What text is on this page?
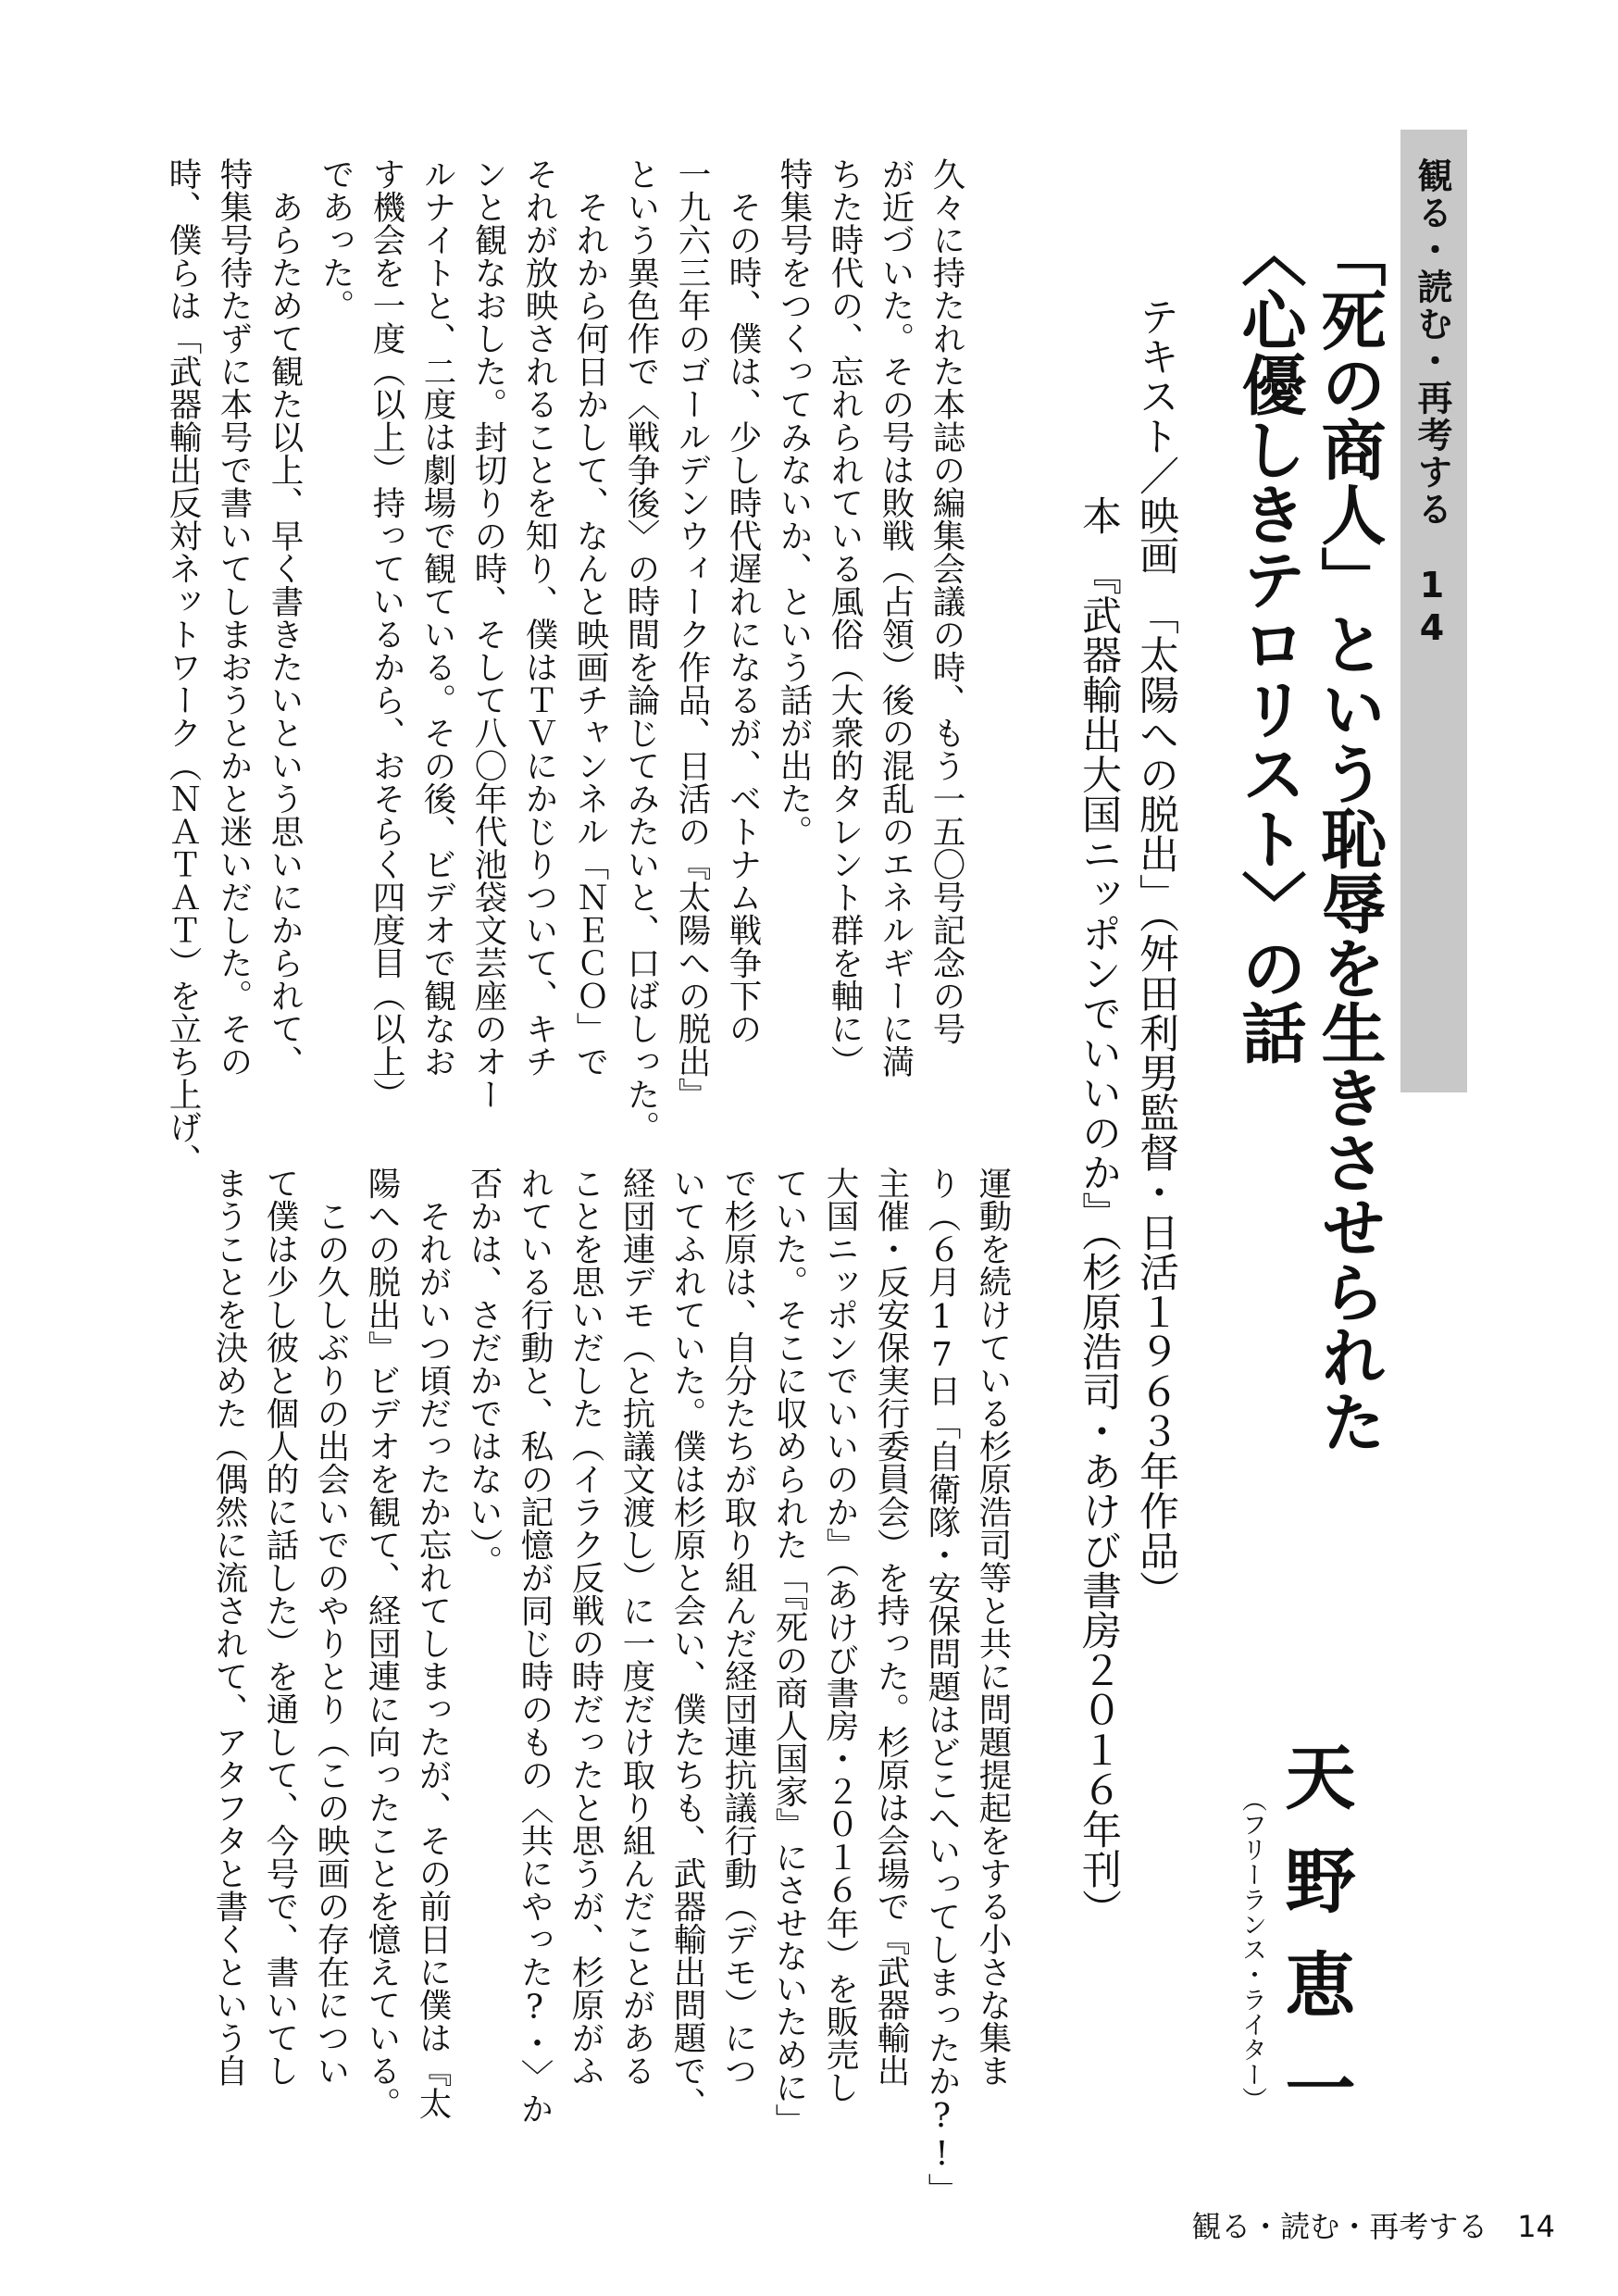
観る・読む・再考する　14
「死の商人」という恥辱を生きさせられた
〈心優しきテロリスト〉の話
テキスト／映画　「太陽への脱出」（舛田利男監督・日活１９６３年作品）
　　　　　本　『武器輸出大国ニッポンでいいのか』（杉原浩司・あけび書房２０１６年刊）
天野恵一
（フリーランス・ライター）
久々に持たれた本誌の編集会議の時、もう一五〇号記念の号
が近づいた。その号は敗戦（占領）後の混乱のエネルギーに満
ちた時代の、忘れられている風俗（大衆的タレント群を軸に）
特集号をつくってみないか、という話が出た。
　その時、僕は、少し時代遅れになるが、ベトナム戦争下の
一九六三年のゴールデンウィーク作品、日活の『太陽への脱出』
という異色作で〈戦争後〉の時間を論じてみたいと、口ばしった。
　それから何日かして、なんと映画チャンネル「ＮＥＣＯ」で
それが放映されることを知り、僕はＴＶにかじりついて、キチ
ンと観なおした。封切りの時、そして八〇年代池袋文芸座のオー
ルナイトと、二度は劇場で観ている。その後、ビデオで観なお
す機会を一度（以上）持っているから、おそらく四度目（以上）
であった。
　あらためて観た以上、早く書きたいという思いにかられて、
特集号待たずに本号で書いてしまおうとかと迷いだした。その
時、僕らは「武器輸出反対ネットワーク（ＮＡＴＡＴ）を立ち上げ、
運動を続けている杉原浩司等と共に問題提起をする小さな集ま
り（６月17日「自衛隊・安保問題はどこへいってしまったか?!」
主催・反安保実行委員会）を持った。杉原は会場で『武器輸出
大国ニッポンでいいのか』（あけび書房・２０１６年）を販売し
ていた。そこに収められた「『死の商人国家』にさせないために」
で杉原は、自分たちが取り組んだ経団連抗議行動（デモ）につ
いてふれていた。僕は杉原と会い、僕たちも、武器輸出問題で、
経団連デモ（と抗議文渡し）に一度だけ取り組んだことがある
ことを思いだした（イラク反戦の時だったと思うが、杉原がふ
れている行動と、私の記憶が同じ時のもの〈共にやった?・〉か
否かは、さだかではない）。
　それがいつ頃だったか忘れてしまったが、その前日に僕は『太
陽への脱出』ビデオを観て、経団連に向ったことを憶えている。
　この久しぶりの出会いでのやりとり（この映画の存在につい
て僕は少し彼と個人的に話した）を通して、今号で、書いてし
まうことを決めた（偶然に流されて、アタフタと書くという自
観る・読む・再考する　14
